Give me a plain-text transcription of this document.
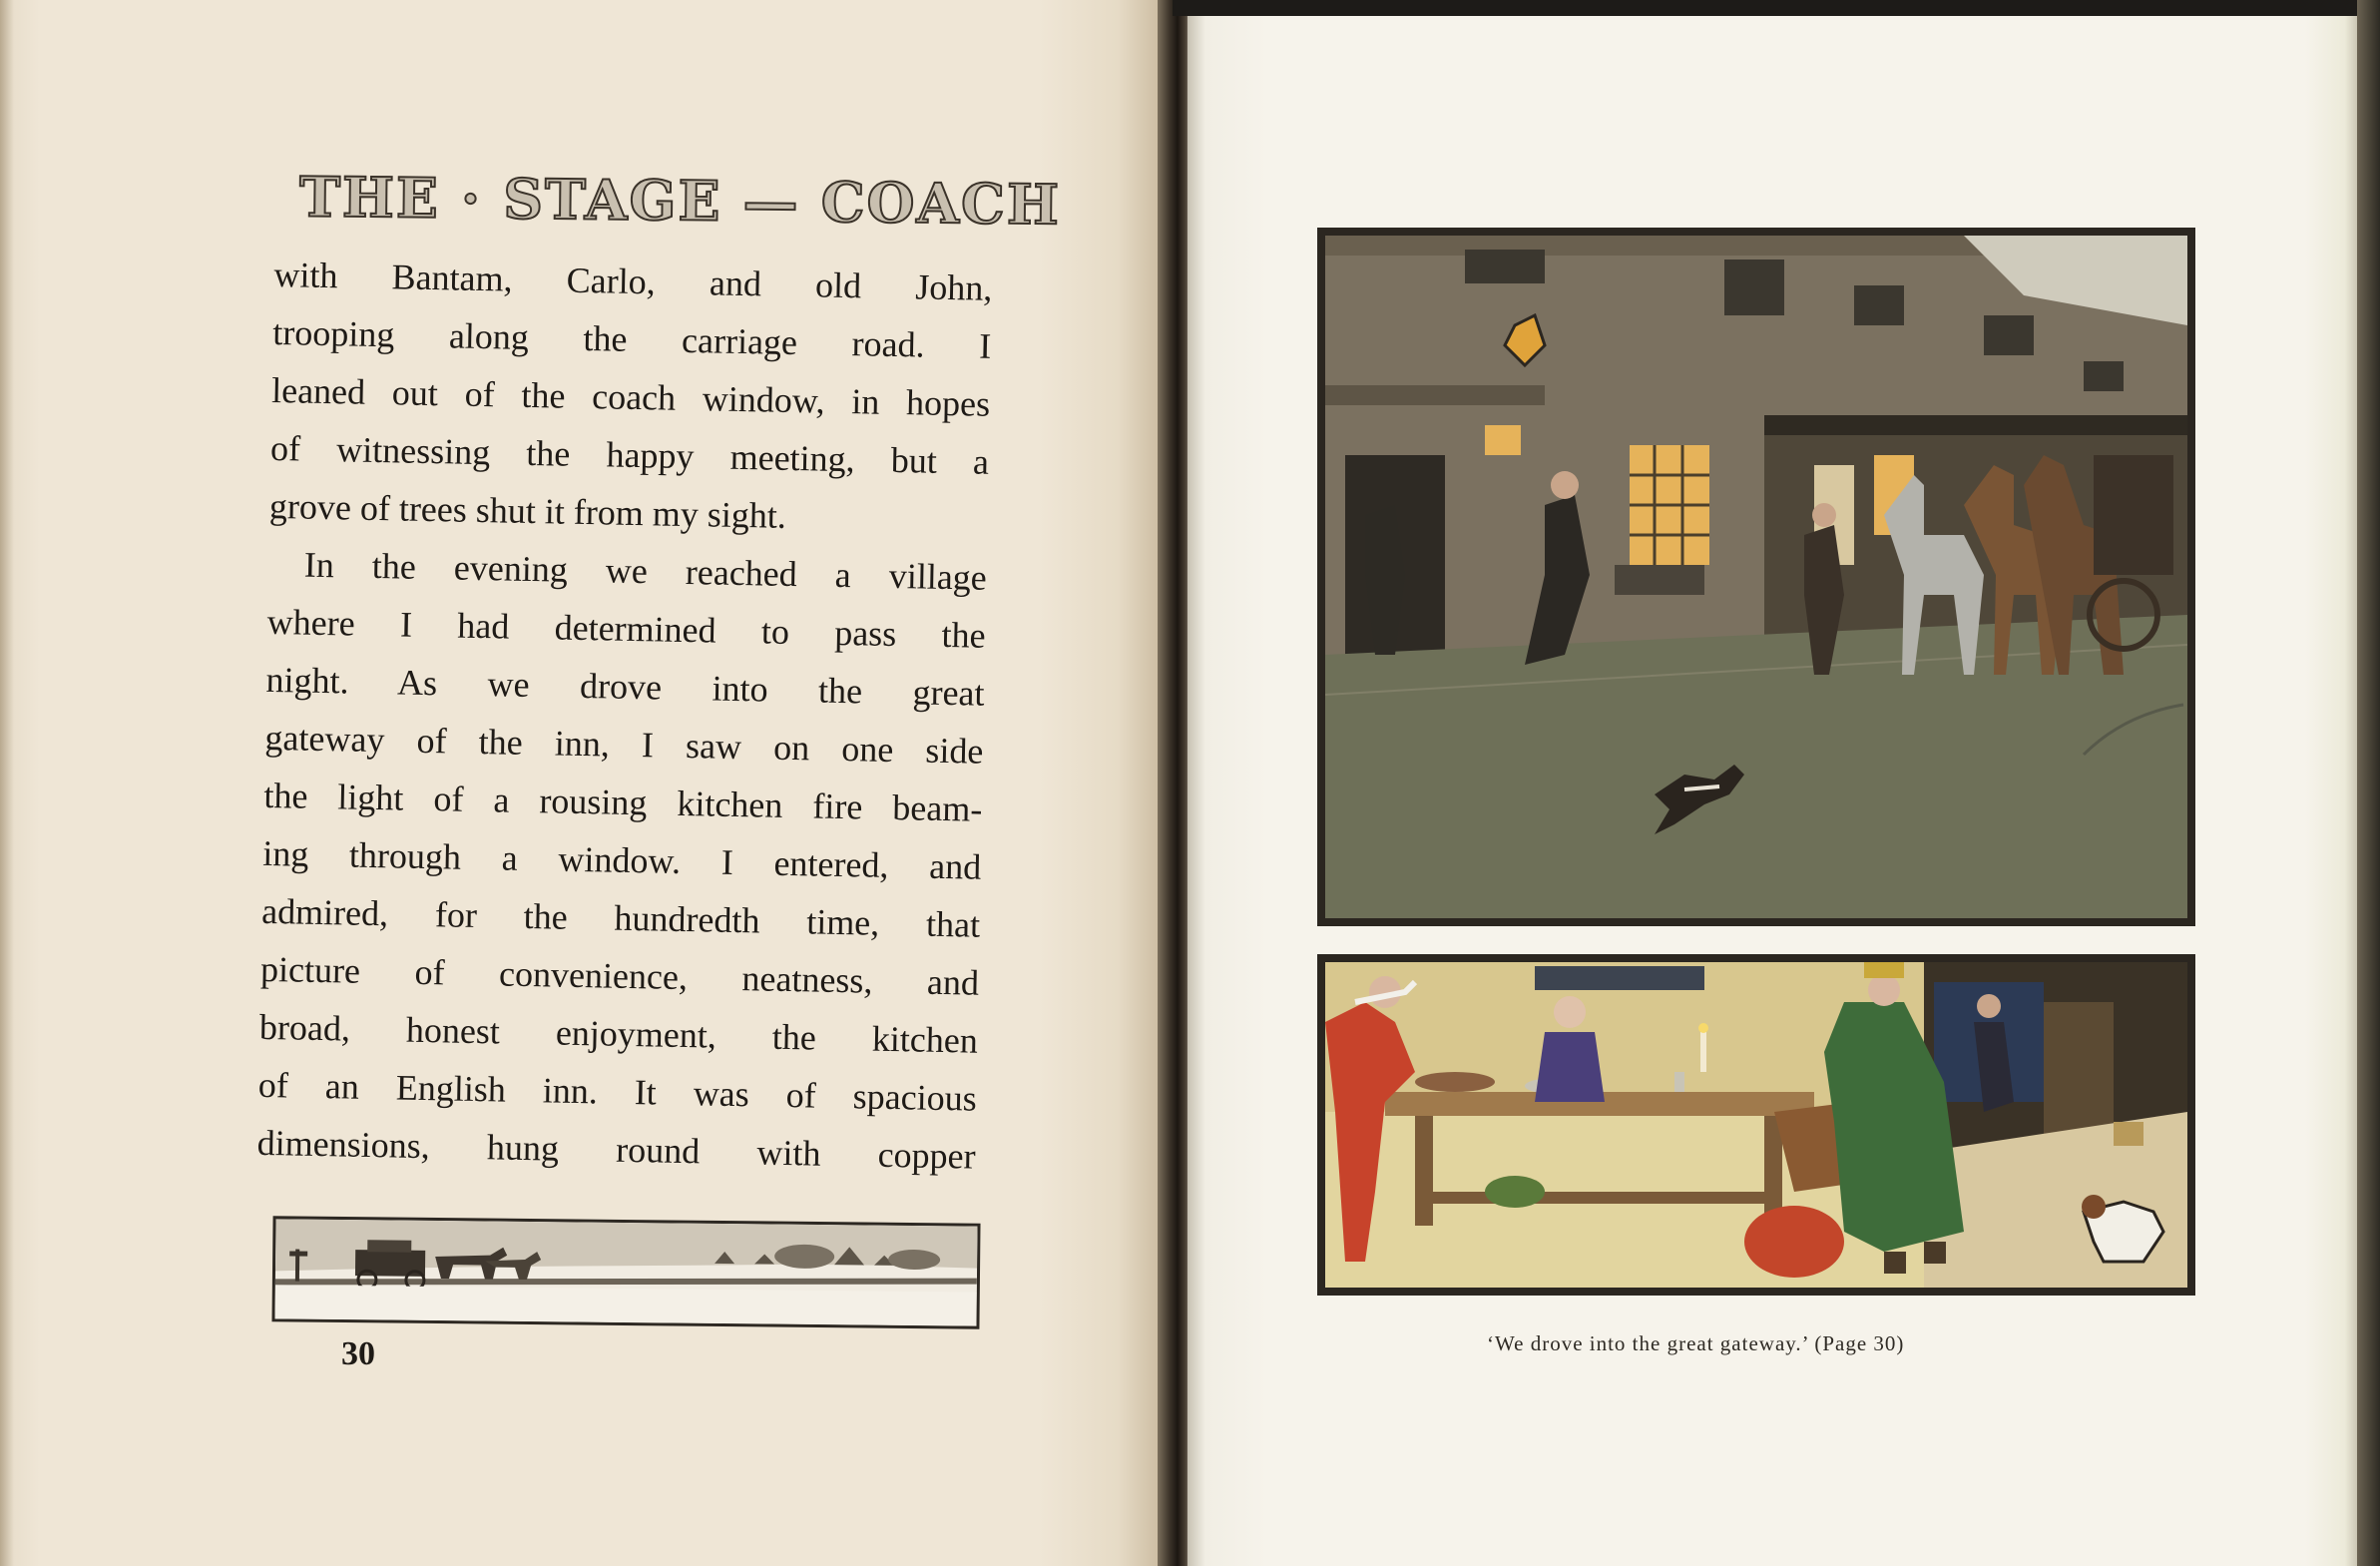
THE · STAGE — COACH
with Bantam, Carlo, and old John,
trooping along the carriage road. I
leaned out of the coach window, in hopes
of witnessing the happy meeting, but a
grove of trees shut it from my sight.
In the evening we reached a village
where I had determined to pass the
night. As we drove into the great
gateway of the inn, I saw on one side
the light of a rousing kitchen fire beam-
ing through a window. I entered, and
admired, for the hundredth time, that
picture of convenience, neatness, and
broad, honest enjoyment, the kitchen
of an English inn. It was of spacious
dimensions, hung round with copper
30	‘We drove into the great gateway.’ (Page 30)
